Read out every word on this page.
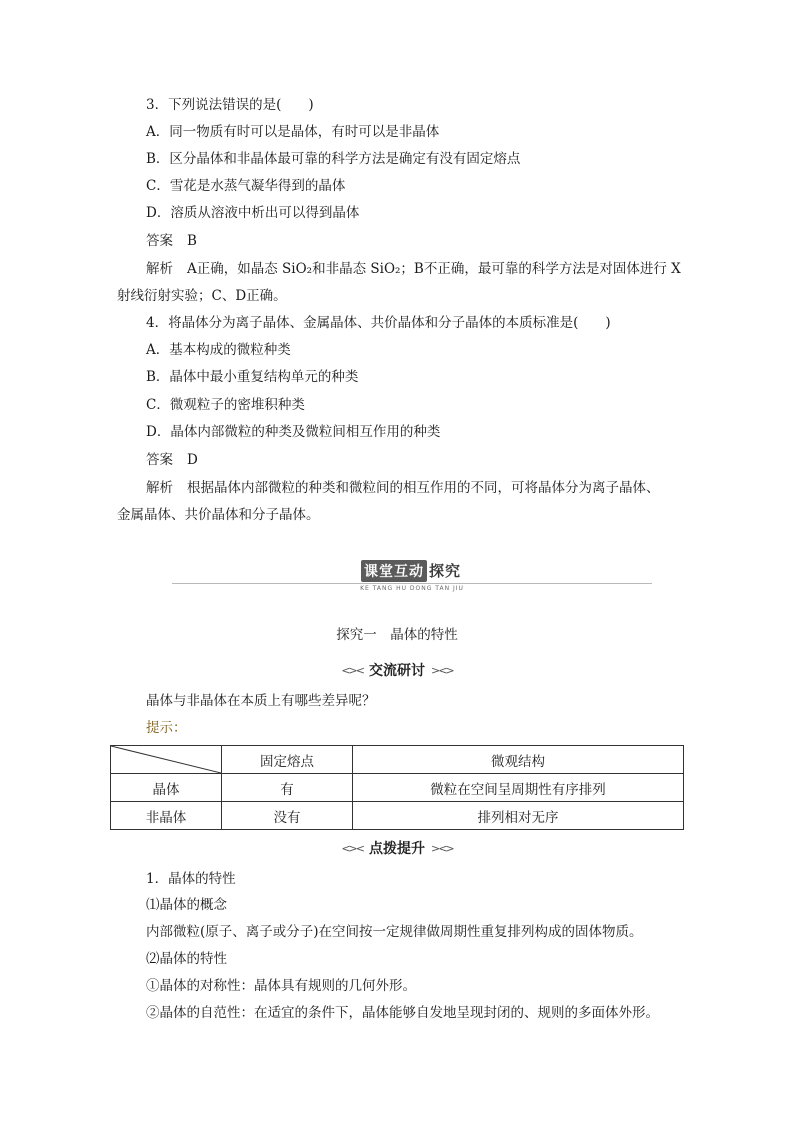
3．下列说法错误的是(　　)
A．同一物质有时可以是晶体，有时可以是非晶体
B．区分晶体和非晶体最可靠的科学方法是确定有没有固定熔点
C．雪花是水蒸气凝华得到的晶体
D．溶质从溶液中析出可以得到晶体
答案 B
解析 A正确，如晶态 SiO₂和非晶态 SiO₂；B不正确，最可靠的科学方法是对固体进行 X
射线衍射实验；C、D正确。
4．将晶体分为离子晶体、金属晶体、共价晶体和分子晶体的本质标准是(　　)
A．基本构成的微粒种类
B．晶体中最小重复结构单元的种类
C．微观粒子的密堆积种类
D．晶体内部微粒的种类及微粒间相互作用的种类
答案 D
解析 根据晶体内部微粒的种类和微粒间的相互作用的不同，可将晶体分为离子晶体、
金属晶体、共价晶体和分子晶体。
课堂互动 探究
KE TANG HU DONG TAN JIU
探究一　晶体的特性
<>< 交流研讨 ><>
晶体与非晶体在本质上有哪些差异呢？
提示：
	固定熔点	微观结构
晶体	有	微粒在空间呈周期性有序排列
非晶体	没有	排列相对无序
<>< 点拨提升 ><>
1．晶体的特性
⑴晶体的概念
内部微粒(原子、离子或分子)在空间按一定规律做周期性重复排列构成的固体物质。
⑵晶体的特性
①晶体的对称性：晶体具有规则的几何外形。
②晶体的自范性：在适宜的条件下，晶体能够自发地呈现封闭的、规则的多面体外形。
